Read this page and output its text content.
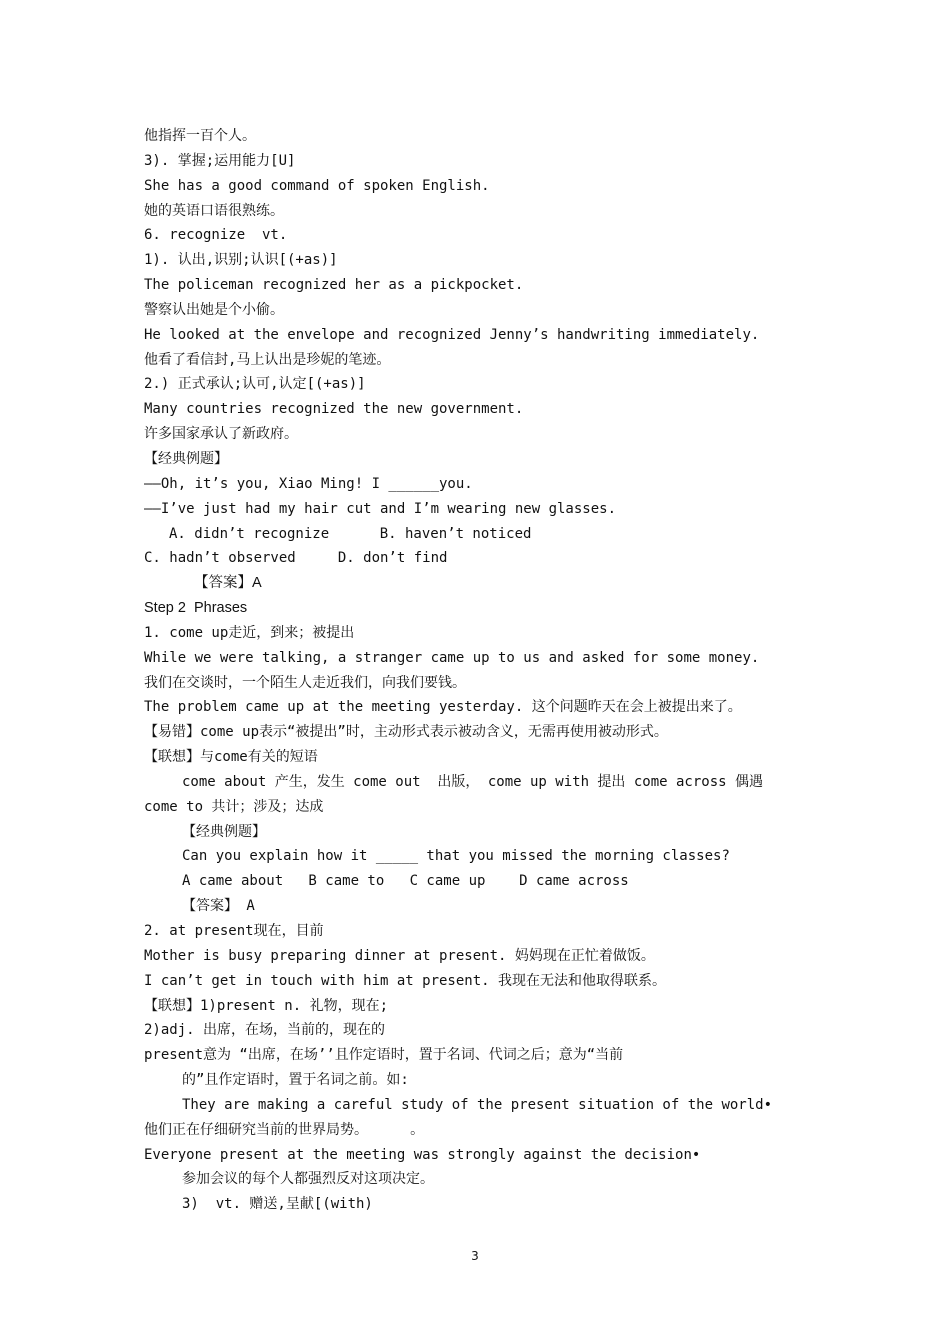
他指挥一百个人。
3). 掌握;运用能力[U]
She has a good command of spoken English.
她的英语口语很熟练。
6. recognize  vt.
1). 认出,识别;认识[(+as)]
The policeman recognized her as a pickpocket.
警察认出她是个小偷。
He looked at the envelope and recognized Jenny’s handwriting immediately.
他看了看信封,马上认出是珍妮的笔迹。
2.) 正式承认;认可,认定[(+as)]
Many countries recognized the new government.
许多国家承认了新政府。
【经典例题】
——Oh, it’s you, Xiao Ming! I ______you.
——I’ve just had my hair cut and I’m wearing new glasses.
A. didn’t recognize      B. haven’t noticed
C. hadn’t observed     D. don’t find
【答案】A
Step 2  Phrases
1. come up走近，到来；被提出
While we were talking, a stranger came up to us and asked for some money.
我们在交谈时，一个陌生人走近我们，向我们要钱。
The problem came up at the meeting yesterday. 这个问题昨天在会上被提出来了。
【易错】come up表示“被提出”时，主动形式表示被动含义，无需再使用被动形式。
【联想】与come有关的短语
come about 产生，发生 come out  出版， come up with 提出 come across 偶遇
come to 共计；涉及；达成
【经典例题】
Can you explain how it _____ that you missed the morning classes?
A came about   B came to   C came up    D came across
【答案】 A
2. at present现在，目前
Mother is busy preparing dinner at present. 妈妈现在正忙着做饭。
I can’t get in touch with him at present. 我现在无法和他取得联系。
【联想】1)present n. 礼物，现在;
2)adj. 出席，在场，当前的，现在的
present意为 “出席，在场’’且作定语时，置于名词、代词之后；意为“当前
的”且作定语时，置于名词之前。如:
They are making a careful study of the present situation of the world•
他们正在仔细研究当前的世界局势。     。
Everyone present at the meeting was strongly against the decision•
参加会议的每个人都强烈反对这项决定。
3)  vt. 赠送,呈献[(with)
3
